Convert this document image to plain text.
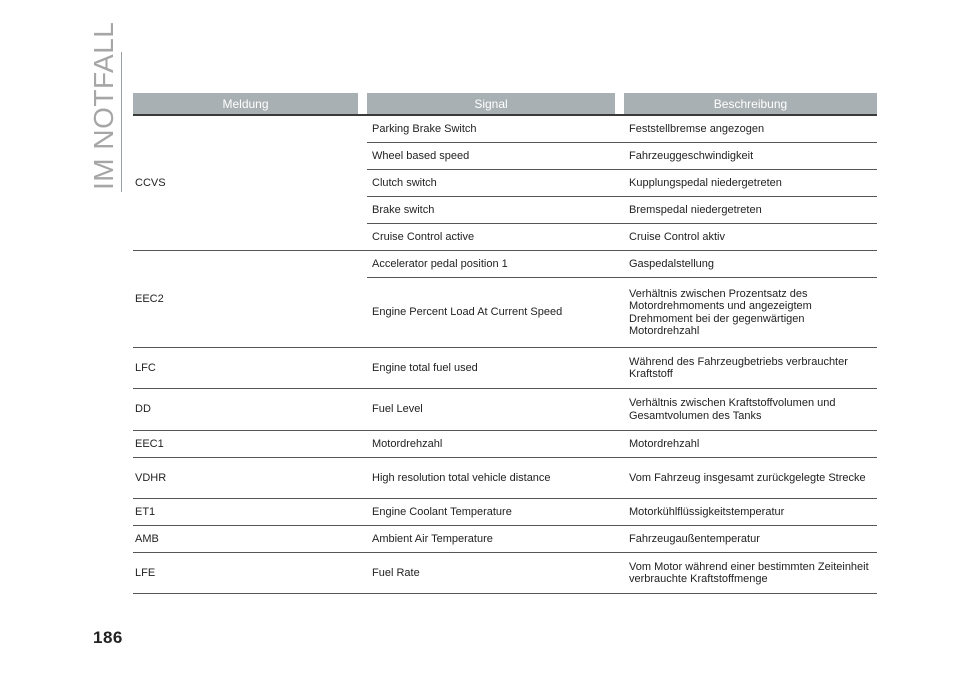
IM NOTFALL	Meldung		Signal		Beschreibung
CCVS		Parking Brake Switch		Feststellbremse angezogen
		Wheel based speed		Fahrzeuggeschwindigkeit
		Clutch switch		Kupplungspedal niedergetreten
		Brake switch		Bremspedal niedergetreten
		Cruise Control active		Cruise Control aktiv
EEC2		Accelerator pedal position 1		Gaspedalstellung
		Engine Percent Load At Current Speed		Verhältnis zwischen Prozentsatz des Motordrehmoments und angezeigtem Drehmoment bei der gegenwärtigen Motordrehzahl
LFC		Engine total fuel used		Während des Fahrzeugbetriebs verbrauchter Kraftstoff
DD		Fuel Level		Verhältnis zwischen Kraftstoffvolumen und Gesamtvolumen des Tanks
EEC1		Motordrehzahl		Motordrehzahl
VDHR		High resolution total vehicle distance		Vom Fahrzeug insgesamt zurückgelegte Strecke
ET1		Engine Coolant Temperature		Motorkühlflüssigkeitstemperatur
AMB		Ambient Air Temperature		Fahrzeugaußentemperatur
LFE		Fuel Rate		Vom Motor während einer bestimmten Zeiteinheit verbrauchte Kraftstoffmenge
186
